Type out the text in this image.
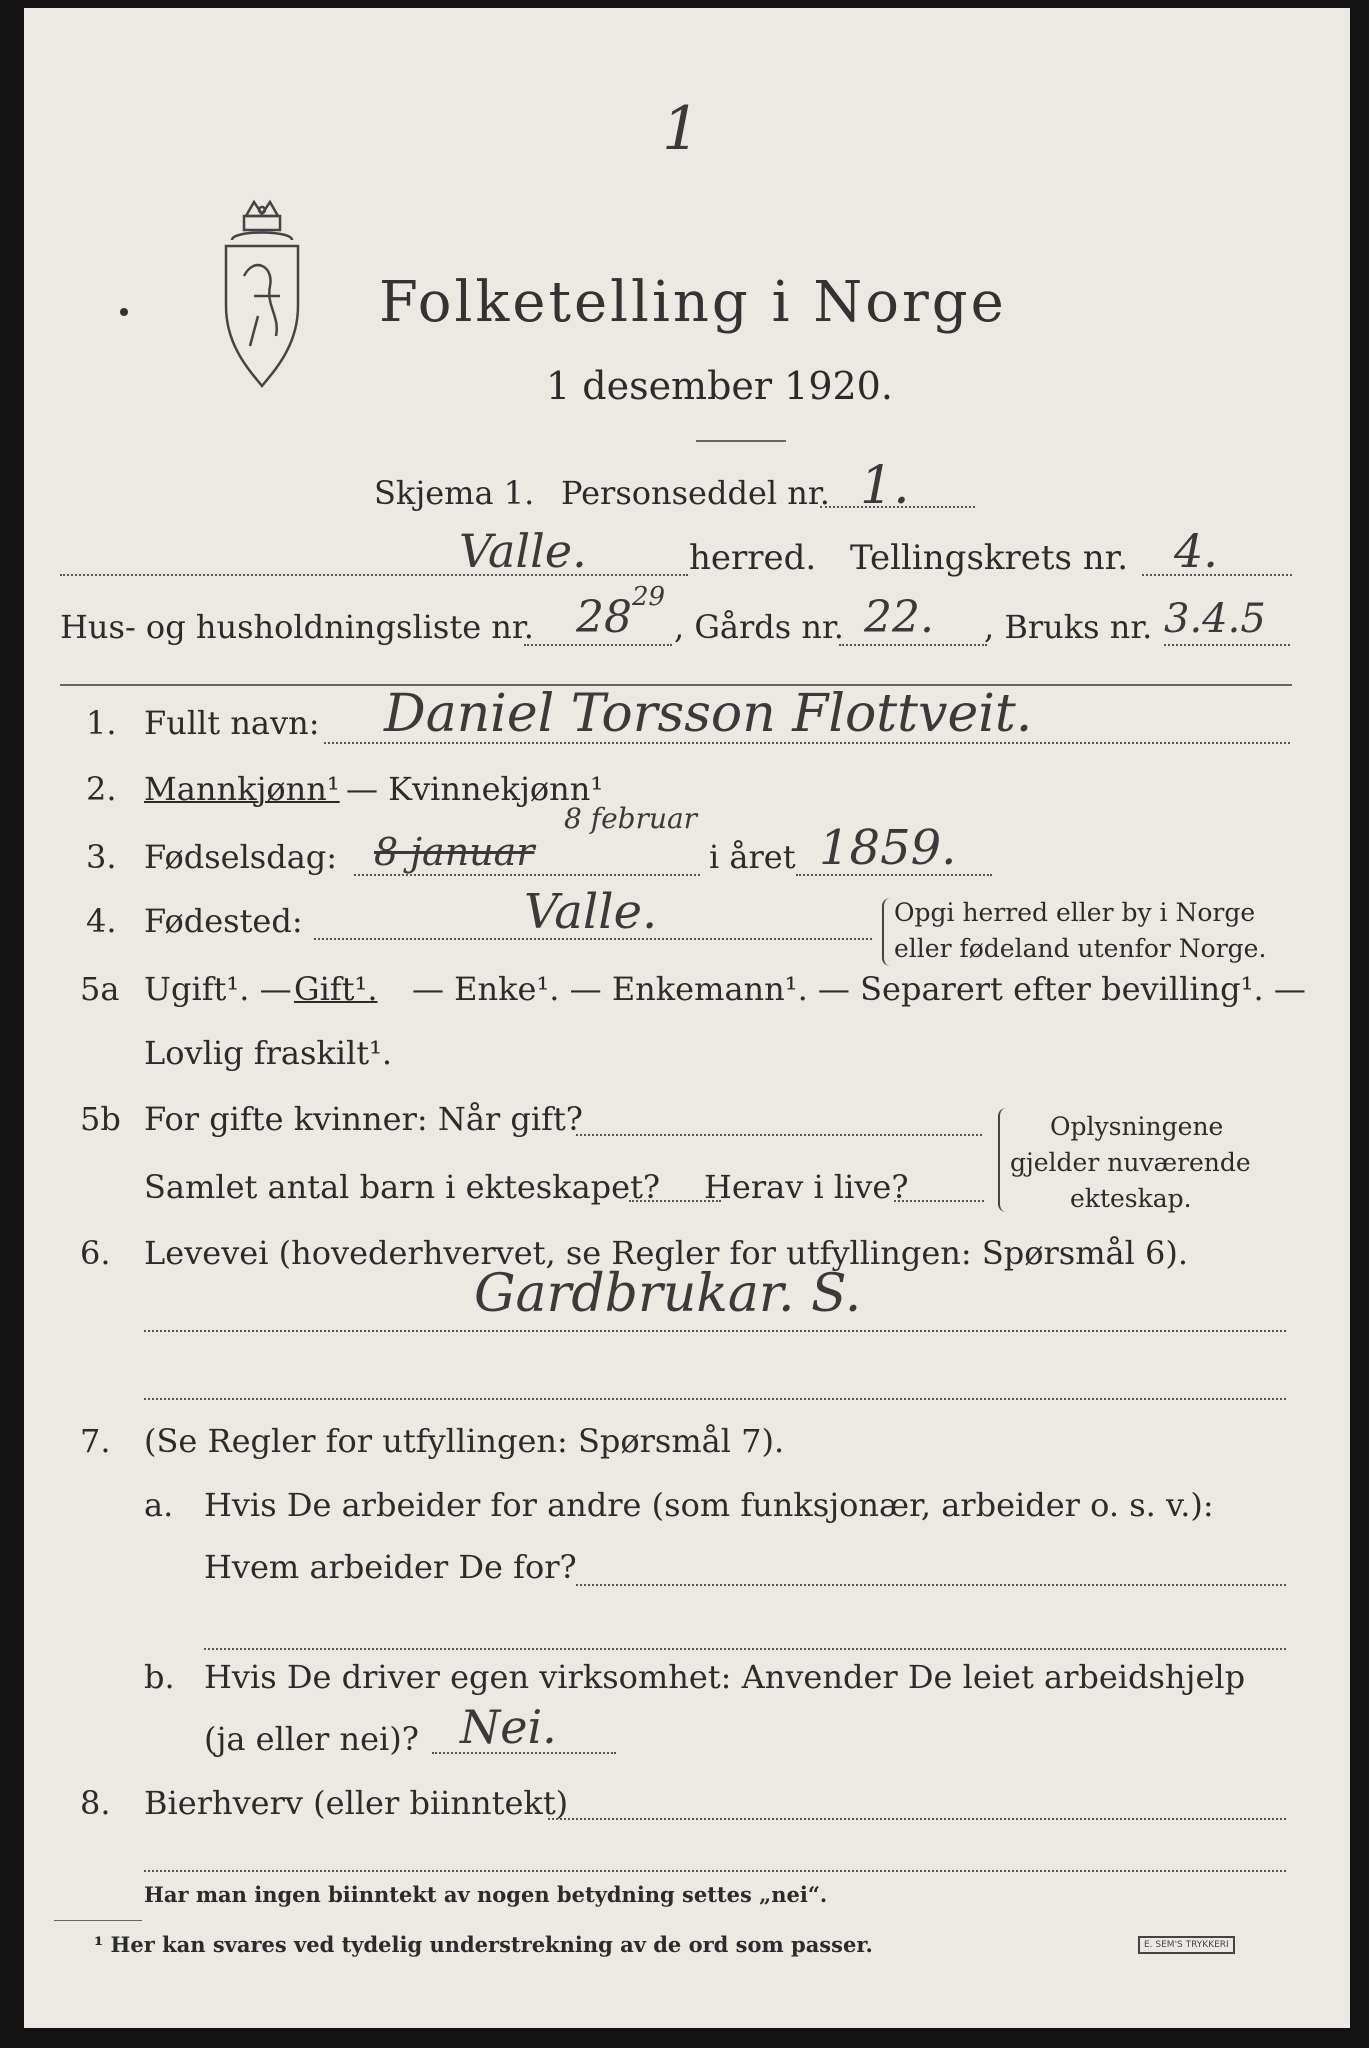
1
Folketelling i Norge
1 desember 1920.
Skjema 1. Personseddel nr. 1.
Valle.	herred. Tellingskrets nr. 4.
Hus- og husholdningsliste nr. 28 29
, Gårds nr. 22. , Bruks nr. 3.4.5
1. Fullt navn: Daniel Torsson Flottveit.
2. Mannkjønn¹ — Kvinnekjønn¹
3. Fødselsdag: 8 januar
8 februar
i året 1859.
4. Fødested:	Valle.	Opgi herred eller by i Norge
eller fødeland utenfor Norge.
5a Ugift¹. — Gift¹. — Enke¹. — Enkemann¹. — Separert efter bevilling¹. —
Lovlig fraskilt¹.
5b For gifte kvinner: Når gift?
Samlet antal barn i ekteskapet? Herav i live?
Oplysningene
gjelder nuværende
ekteskap.
6. Levevei (hovederhvervet, se Regler for utfyllingen: Spørsmål 6).
Gardbrukar. S.
7. (Se Regler for utfyllingen: Spørsmål 7).
a. Hvis De arbeider for andre (som funksjonær, arbeider o. s. v.):
Hvem arbeider De for?
b. Hvis De driver egen virksomhet: Anvender De leiet arbeidshjelp
(ja eller nei)? Nei.
8. Bierhverv (eller biinntekt)
Har man ingen biinntekt av nogen betydning settes „nei“.
¹ Her kan svares ved tydelig understrekning av de ord som passer.	E. SEM'S TRYKKERI
